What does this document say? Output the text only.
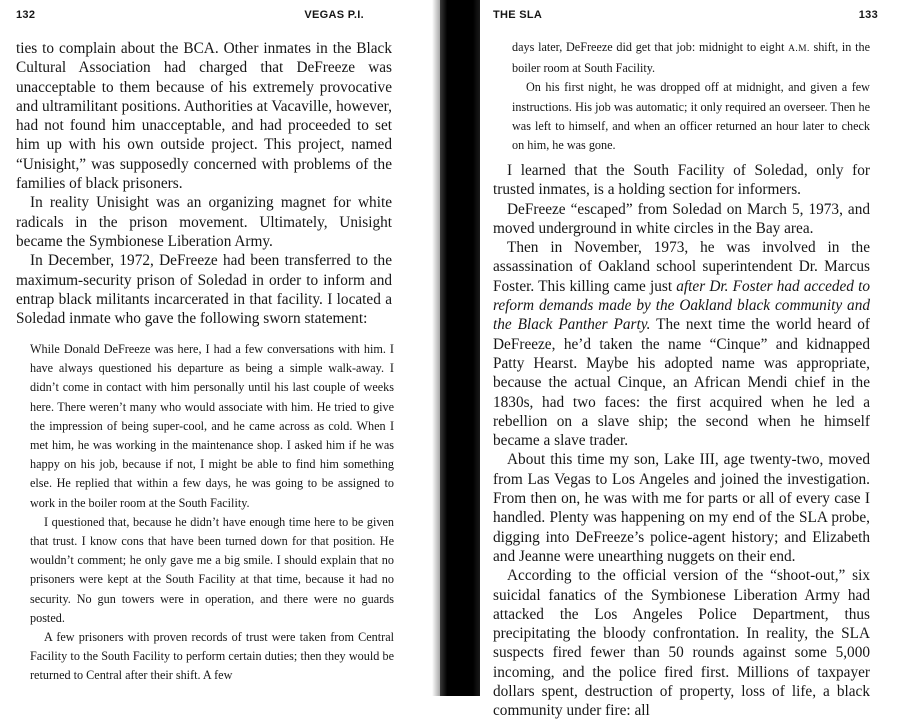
132	VEGAS P.I.

ties to complain about the BCA. Other inmates in the Black Cultural Association had charged that DeFreeze was unacceptable to them because of his extremely provocative and ultramilitant positions. Authorities at Vacaville, however, had not found him unacceptable, and had proceeded to set him up with his own outside project. This project, named “Unisight,” was supposedly concerned with problems of the families of black prisoners.

In reality Unisight was an organizing magnet for white radicals in the prison movement. Ultimately, Unisight became the Symbionese Liberation Army.

In December, 1972, DeFreeze had been transferred to the maximum-security prison of Soledad in order to inform and entrap black militants incarcerated in that facility. I located a Soledad inmate who gave the following sworn statement:

While Donald DeFreeze was here, I had a few conversations with him. I have always questioned his departure as being a simple walk-away. I didn’t come in contact with him personally until his last couple of weeks here. There weren’t many who would associate with him. He tried to give the impression of being super-cool, and he came across as cold. When I met him, he was working in the maintenance shop. I asked him if he was happy on his job, because if not, I might be able to find him something else. He replied that within a few days, he was going to be assigned to work in the boiler room at the South Facility.

I questioned that, because he didn’t have enough time here to be given that trust. I know cons that have been turned down for that position. He wouldn’t comment; he only gave me a big smile. I should explain that no prisoners were kept at the South Facility at that time, because it had no security. No gun towers were in operation, and there were no guards posted.

A few prisoners with proven records of trust were taken from Central Facility to the South Facility to perform certain duties; then they would be returned to Central after their shift. A few

THE SLA	133

days later, DeFreeze did get that job: midnight to eight A.M. shift, in the boiler room at South Facility.

On his first night, he was dropped off at midnight, and given a few instructions. His job was automatic; it only required an overseer. Then he was left to himself, and when an officer returned an hour later to check on him, he was gone.

I learned that the South Facility of Soledad, only for trusted inmates, is a holding section for informers.

DeFreeze “escaped” from Soledad on March 5, 1973, and moved underground in white circles in the Bay area.

Then in November, 1973, he was involved in the assassination of Oakland school superintendent Dr. Marcus Foster. This killing came just after Dr. Foster had acceded to reform demands made by the Oakland black community and the Black Panther Party. The next time the world heard of DeFreeze, he’d taken the name “Cinque” and kidnapped Patty Hearst. Maybe his adopted name was appropriate, because the actual Cinque, an African Mendi chief in the 1830s, had two faces: the first acquired when he led a rebellion on a slave ship; the second when he himself became a slave trader.

About this time my son, Lake III, age twenty-two, moved from Las Vegas to Los Angeles and joined the investigation. From then on, he was with me for parts or all of every case I handled. Plenty was happening on my end of the SLA probe, digging into DeFreeze’s police-agent history; and Elizabeth and Jeanne were unearthing nuggets on their end.

According to the official version of the “shoot-out,” six suicidal fanatics of the Symbionese Liberation Army had attacked the Los Angeles Police Department, thus precipitating the bloody confrontation. In reality, the SLA suspects fired fewer than 50 rounds against some 5,000 incoming, and the police fired first. Millions of taxpayer dollars spent, destruction of property, loss of life, a black community under fire: all
